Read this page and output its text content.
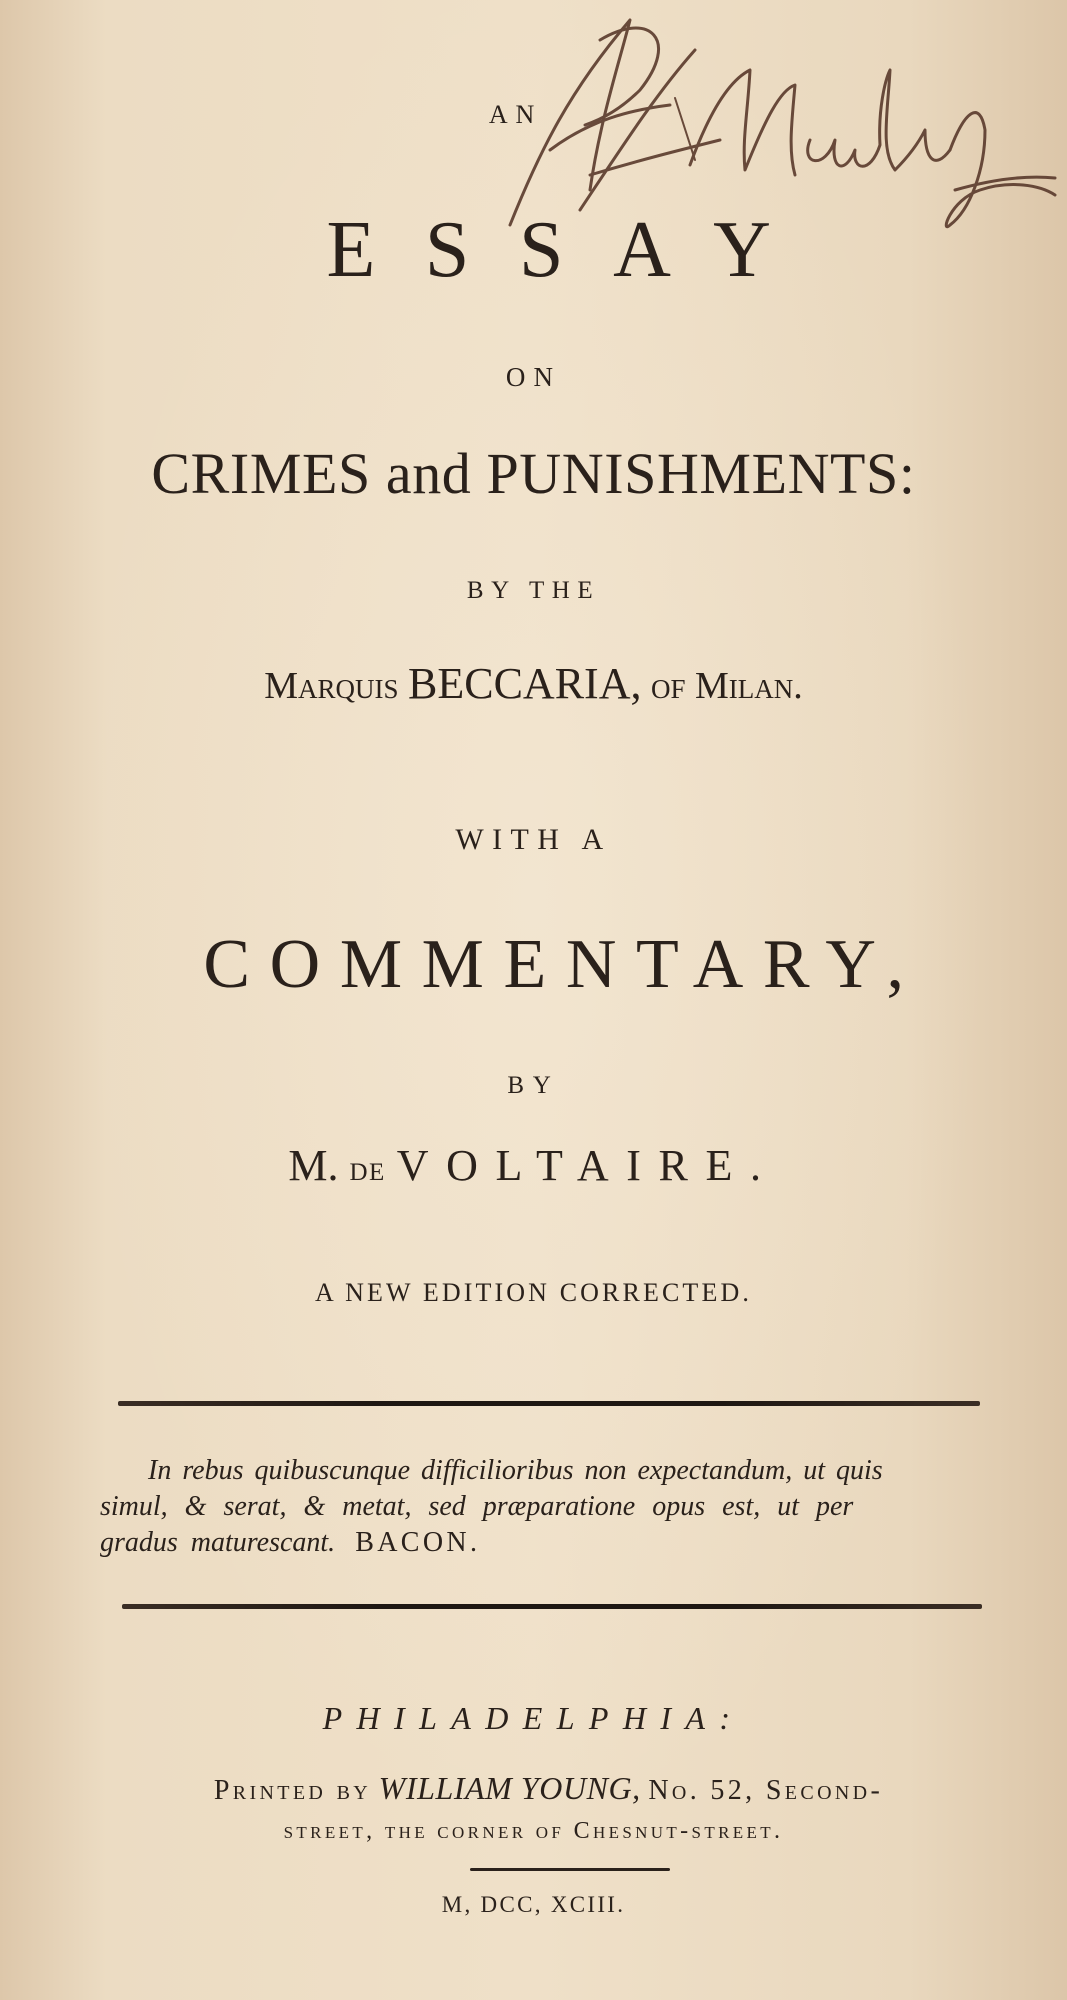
AN
ESSAY
ON
CRIMES and PUNISHMENTS:
BY THE
Marquis BECCARIA, of Milan.
WITH A
COMMENTARY,
BY
M. de VOLTAIRE.
A NEW EDITION CORRECTED.
In rebus quibuscunque difficilioribus non expectandum, ut quis
simul, & serat, & metat, sed præparatione opus est, ut per
gradus maturescant. BACON.
PHILADELPHIA:
Printed by WILLIAM YOUNG, No. 52, Second-
street, the corner of Chesnut-street.
M, DCC, XCIII.
